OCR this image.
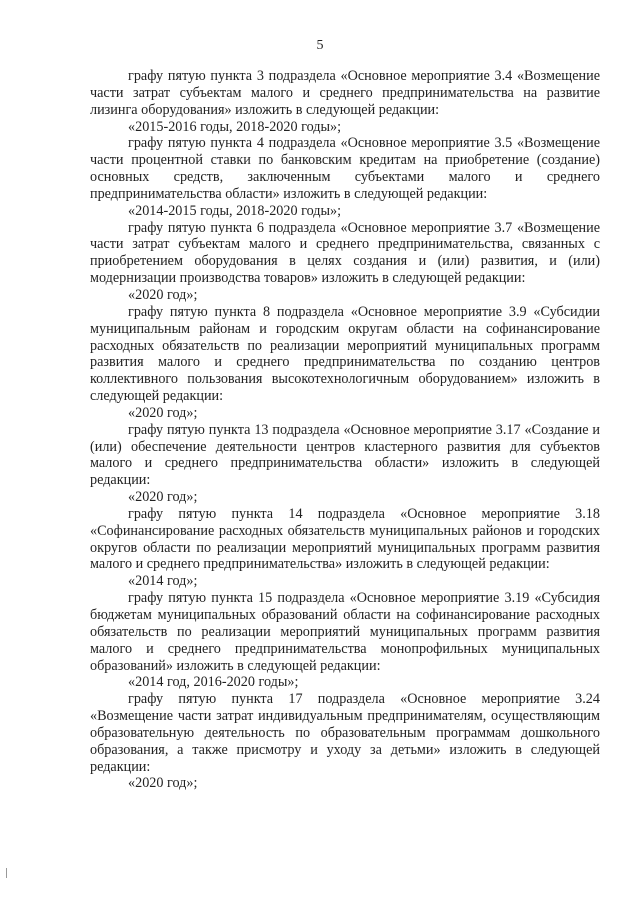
5

графу пятую пункта 3 подраздела «Основное мероприятие 3.4 «Возмещение части затрат субъектам малого и среднего предпринимательства на развитие лизинга оборудования» изложить в следующей редакции:

«2015-2016 годы, 2018-2020 годы»;

графу пятую пункта 4 подраздела «Основное мероприятие 3.5 «Возмещение части процентной ставки по банковским кредитам на приобретение (создание) основных средств, заключенным субъектами малого и среднего предпринимательства области» изложить в следующей редакции:

«2014-2015 годы, 2018-2020 годы»;

графу пятую пункта 6 подраздела «Основное мероприятие 3.7 «Возмещение части затрат субъектам малого и среднего предпринимательства, связанных с приобретением оборудования в целях создания и (или) развития, и (или) модернизации производства товаров» изложить в следующей редакции:

«2020 год»;

графу пятую пункта 8 подраздела «Основное мероприятие 3.9 «Субсидии муниципальным районам и городским округам области на софинансирование расходных обязательств по реализации мероприятий муниципальных программ развития малого и среднего предпринимательства по созданию центров коллективного пользования высокотехнологичным оборудованием» изложить в следующей редакции:

«2020 год»;

графу пятую пункта 13 подраздела «Основное мероприятие 3.17 «Создание и (или) обеспечение деятельности центров кластерного развития для субъектов малого и среднего предпринимательства области» изложить в следующей редакции:

«2020 год»;

графу пятую пункта 14 подраздела «Основное мероприятие 3.18 «Софинансирование расходных обязательств муниципальных районов и городских округов области по реализации мероприятий муниципальных программ развития малого и среднего предпринимательства» изложить в следующей редакции:

«2014 год»;

графу пятую пункта 15 подраздела «Основное мероприятие 3.19 «Субсидия бюджетам муниципальных образований области на софинансирование расходных обязательств по реализации мероприятий муниципальных программ развития малого и среднего предпринимательства монопрофильных муниципальных образований» изложить в следующей редакции:

«2014 год, 2016-2020 годы»;

графу пятую пункта 17 подраздела «Основное мероприятие 3.24 «Возмещение части затрат индивидуальным предпринимателям, осуществляющим образовательную деятельность по образовательным программам дошкольного образования, а также присмотру и уходу за детьми» изложить в следующей редакции:

«2020 год»;
